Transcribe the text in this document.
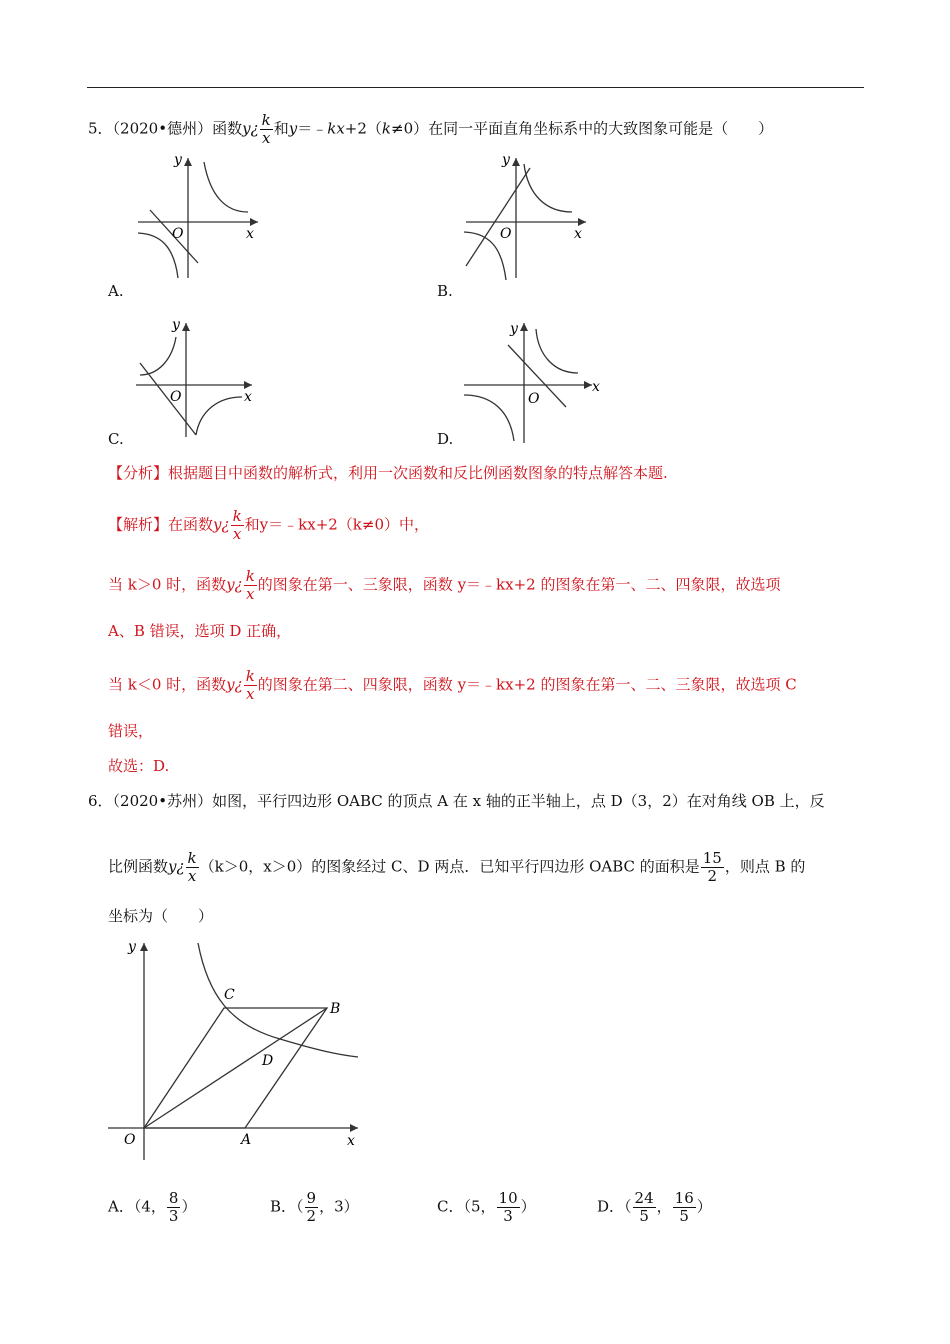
5．（2020•德州）函数y¿ $\frac{k}{x}$ 和y＝﹣kx+2（k≠0）在同一平面直角坐标系中的大致图象可能是（　　）
y
x
O
A.
y
x
O
B.
y
x
O
C.
y
x
O
D.
【分析】根据题目中函数的解析式，利用一次函数和反比例函数图象的特点解答本题.
【解析】在函数y¿ $\frac{k}{x}$ 和y＝﹣kx+2（k≠0）中，
当 k＞0 时，函数y¿ $\frac{k}{x}$ 的图象在第一、三象限，函数 y＝﹣kx+2 的图象在第一、二、四象限，故选项
A、B 错误，选项 D 正确，
当 k＜0 时，函数y¿ $\frac{k}{x}$ 的图象在第二、四象限，函数 y＝﹣kx+2 的图象在第一、二、三象限，故选项 C
错误，
故选：D.
6．（2020•苏州）如图，平行四边形 OABC 的顶点 A 在 x 轴的正半轴上，点 D（3，2）在对角线 OB 上，反
比例函数y¿ $\frac{k}{x} (k>0$，x＞0）的图象经过 C、D 两点．已知平行四边形 OABC 的面积是 $\frac{15}{2}$ ，则点 B 的
坐标为（　　）
y
x
O	A
B
C
D
A．（4， $\frac{8}{3}$ ）	B．（ $\frac{9}{2}$ ，3）	C．（5， $\frac{10}{3}$ ）	D．（ $\frac{24}{5}$ ， $\frac{16}{5}$ ）
